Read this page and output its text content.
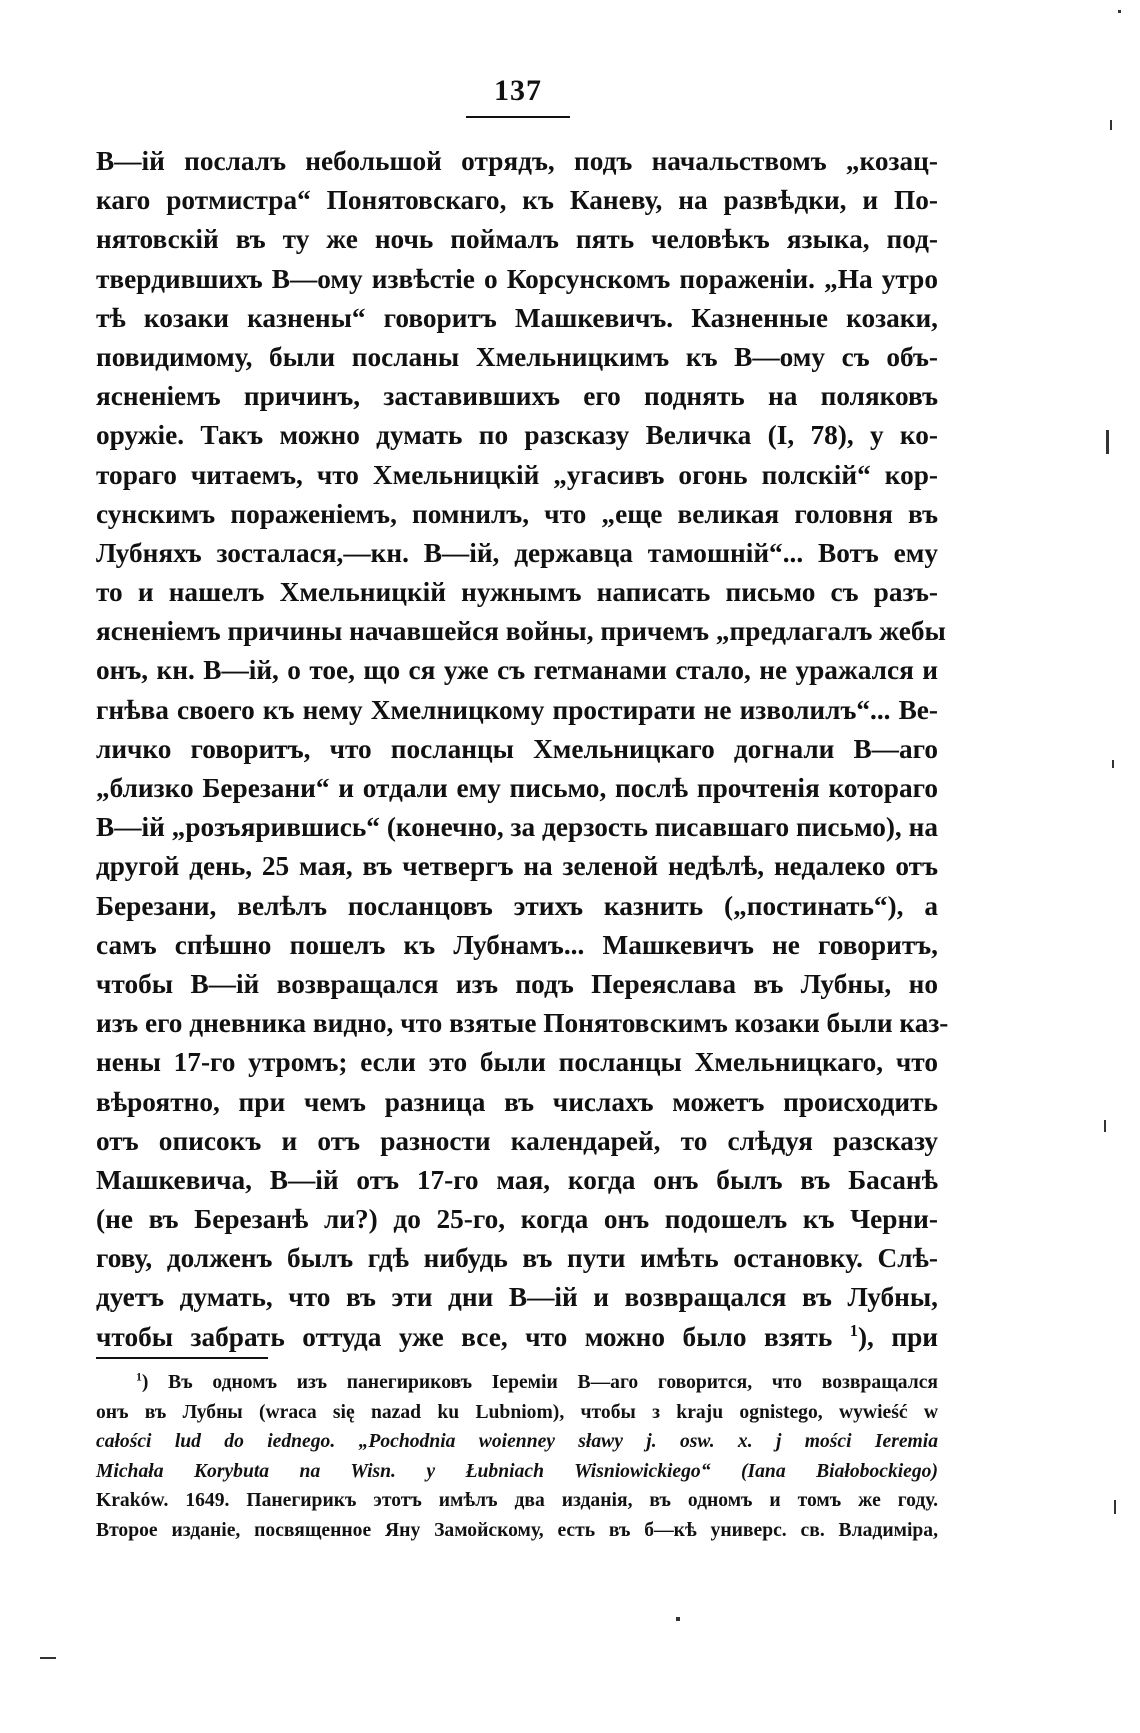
137
В—ій послалъ небольшой отрядъ, подъ начальствомъ „козац-
каго ротмистра“ Понятовскаго, къ Каневу, на развѣдки, и По-
нятовскій въ ту же ночь поймалъ пять человѣкъ языка, под-
твердившихъ В—ому извѣстіе о Корсунскомъ пораженіи. „На утро
тѣ козаки казнены“ говоритъ Машкевичъ. Казненные козаки,
повидимому, были посланы Хмельницкимъ къ В—ому съ объ-
ясненіемъ причинъ, заставившихъ его поднять на поляковъ
оружіе. Такъ можно думать по разсказу Величка (I, 78), у ко-
тораго читаемъ, что Хмельницкій „угасивъ огонь полскій“ кор-
сунскимъ пораженіемъ, помнилъ, что „еще великая головня въ
Лубняхъ зосталася,—кн. В—ій, державца тамошній“... Вотъ ему
то и нашелъ Хмельницкій нужнымъ написать письмо съ разъ-
ясненіемъ причины начавшейся войны, причемъ „предлагалъ жебы
онъ, кн. В—ій, о тое, що ся уже съ гетманами стало, не уражался и
гнѣва своего къ нему Хмелницкому простирати не изволилъ“... Ве-
личко говоритъ, что посланцы Хмельницкаго догнали В—аго
„близко Березани“ и отдали ему письмо, послѣ прочтенія котораго
В—ій „розъярившись“ (конечно, за дерзость писавшаго письмо), на
другой день, 25 мая, въ четвергъ на зеленой недѣлѣ, недалеко отъ
Березани, велѣлъ посланцовъ этихъ казнить („постинать“), а
самъ спѣшно пошелъ къ Лубнамъ... Машкевичъ не говоритъ,
чтобы В—ій возвращался изъ подъ Переяслава въ Лубны, но
изъ его дневника видно, что взятые Понятовскимъ козаки были каз-
нены 17-го утромъ; если это были посланцы Хмельницкаго, что
вѣроятно, при чемъ разница въ числахъ можетъ происходить
отъ описокъ и отъ разности календарей, то слѣдуя разсказу
Машкевича, В—ій отъ 17-го мая, когда онъ былъ въ Басанѣ
(не въ Березанѣ ли?) до 25-го, когда онъ подошелъ къ Черни-
гову, долженъ былъ гдѣ нибудь въ пути имѣть остановку. Слѣ-
дуетъ думать, что въ эти дни В—ій и возвращался въ Лубны,
чтобы забрать оттуда уже все, что можно было взять $^1$), при
$^1$) Въ одномъ изъ панегириковъ Іереміи В—аго говорится, что возвращался
онъ въ Лубны (wraca się nazad ku Lubniom), чтобы з kraju ognistego, wywieść w
całości lud do iednego. „Pochodnia woienney sławy j. osw. x. j mości Ieremia
Michała Korybuta na Wisn. y Łubniach Wisniowickiego“ (Iana Białobockiego)
Kraków. 1649. Панегирикъ этотъ имѣлъ два изданія, въ одномъ и томъ же году.
Второе изданіе, посвященное Яну Замойскому, есть въ б—кѣ универс. св. Владиміра,
